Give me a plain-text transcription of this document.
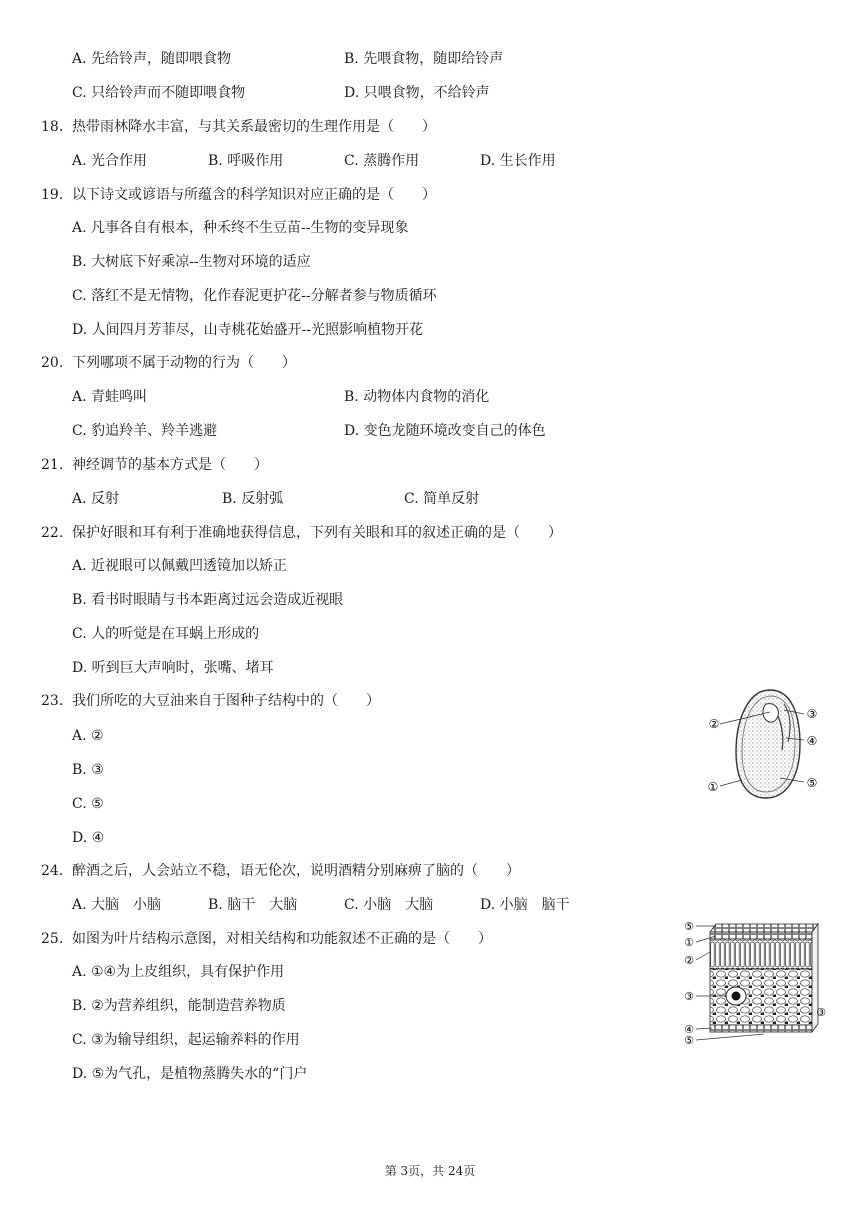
A. 先给铃声，随即喂食物	B. 先喂食物，随即给铃声
C. 只给铃声而不随即喂食物	D. 只喂食物，不给铃声
18. 热带雨林降水丰富，与其关系最密切的生理作用是（　　）
A. 光合作用	B. 呼吸作用	C. 蒸腾作用	D. 生长作用
19. 以下诗文或谚语与所蕴含的科学知识对应正确的是（　　）
A. 凡事各自有根本，种禾终不生豆苗--生物的变异现象
B. 大树底下好乘凉--生物对环境的适应
C. 落红不是无情物，化作春泥更护花--分解者参与物质循环
D. 人间四月芳菲尽，山寺桃花始盛开--光照影响植物开花
20. 下列哪项不属于动物的行为（　　）
A. 青蛙鸣叫	B. 动物体内食物的消化
C. 豹追羚羊、羚羊逃避	D. 变色龙随环境改变自己的体色
21. 神经调节的基本方式是（　　）
A. 反射	B. 反射弧	C. 简单反射
22. 保护好眼和耳有利于准确地获得信息，下列有关眼和耳的叙述正确的是（　　）
A. 近视眼可以佩戴凹透镜加以矫正
B. 看书时眼睛与书本距离过远会造成近视眼
C. 人的听觉是在耳蜗上形成的
D. 听到巨大声响时，张嘴、堵耳
23. 我们所吃的大豆油来自于图种子结构中的（　　）
A. ②
B. ③
C. ⑤
D. ④
②
③
④
①	⑤
24. 醉酒之后，人会站立不稳，语无伦次，说明酒精分别麻痹了脑的（　　）
A. 大脑　小脑	B. 脑干　大脑	C. 小脑　大脑	D. 小脑　脑干
25. 如图为叶片结构示意图，对相关结构和功能叙述不正确的是（　　）
A. ①④为上皮组织，具有保护作用
B. ②为营养组织，能制造营养物质
C. ③为输导组织，起运输养料的作用
D. ⑤为气孔，是植物蒸腾失水的“门户
⑤
①
②
③
④
⑤
③
第 3页，共 24页
